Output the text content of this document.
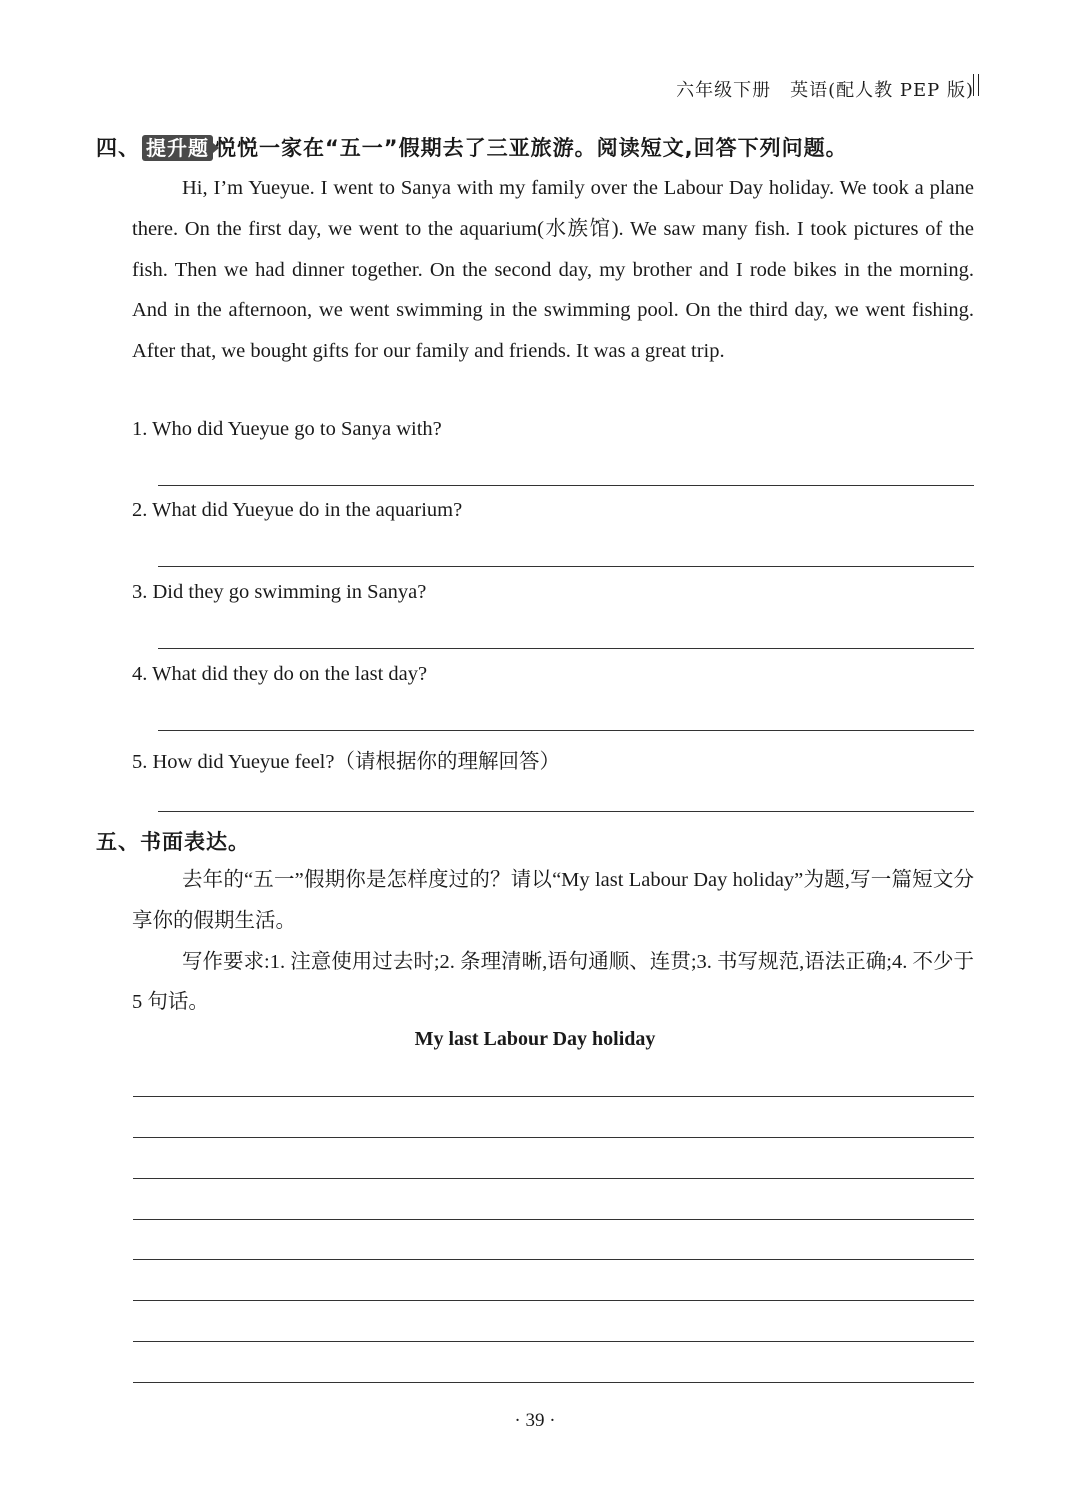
六年级下册　英语(配人教 PEP 版)
四、 提升题 悦悦一家在“五一”假期去了三亚旅游。阅读短文,回答下列问题。

Hi, I’m Yueyue. I went to Sanya with my family over the Labour Day holiday. We took a plane there. On the first day, we went to the aquarium(水族馆). We saw many fish. I took pictures of the fish. Then we had dinner together. On the second day, my brother and I rode bikes in the morning. And in the afternoon, we went swimming in the swimming pool. On the third day, we went fishing. After that, we bought gifts for our family and friends. It was a great trip.

1. Who did Yueyue go to Sanya with?
2. What did Yueyue do in the aquarium?
3. Did they go swimming in Sanya?
4. What did they do on the last day?
5. How did Yueyue feel?（请根据你的理解回答）
五、书面表达。

去年的“五一”假期你是怎样度过的？请以“My last Labour Day holiday”为题,写一篇短文分享你的假期生活。

写作要求:1. 注意使用过去时;2. 条理清晰,语句通顺、连贯;3. 书写规范,语法正确;4. 不少于 5 句话。

My last Labour Day holiday
· 39 ·
